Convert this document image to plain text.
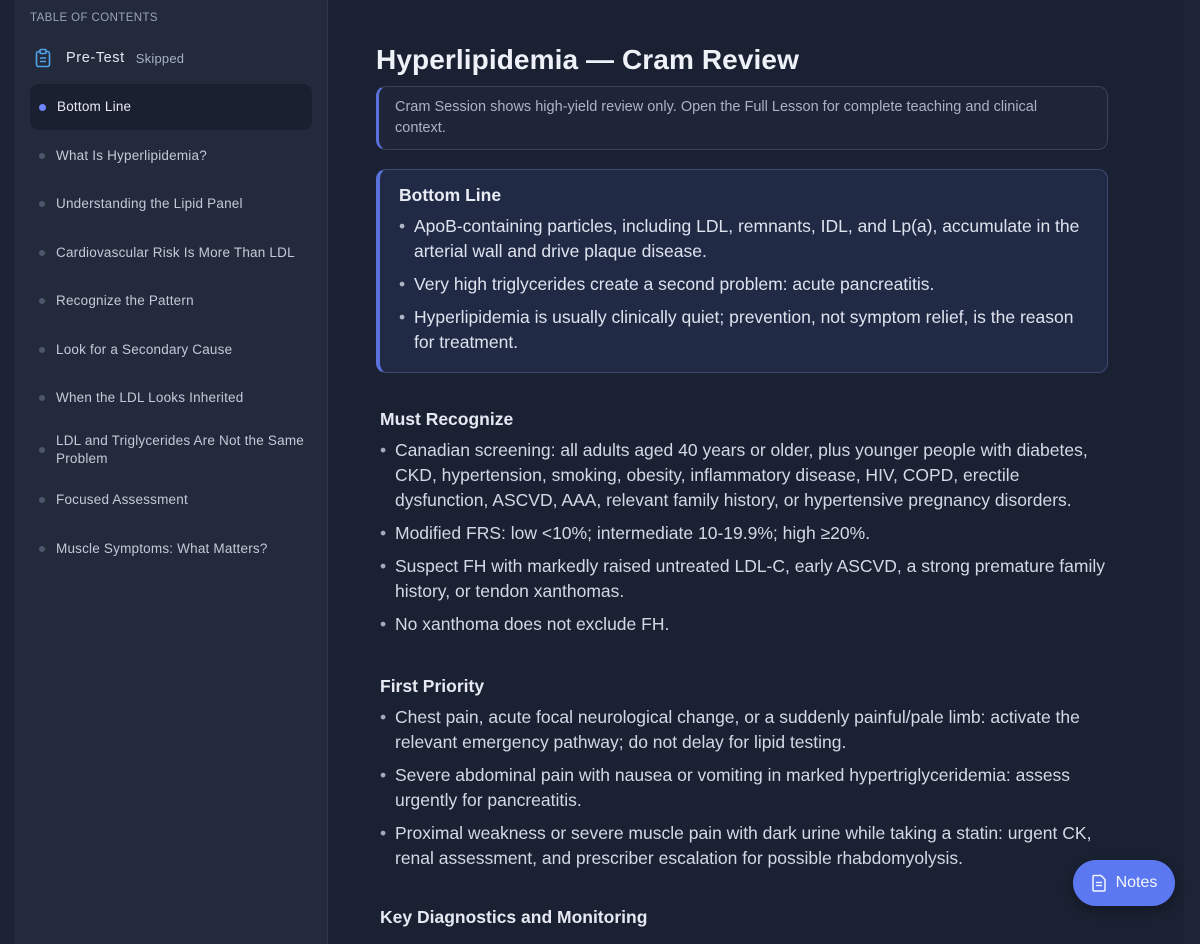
TABLE OF CONTENTS
Pre-Test Skipped
Bottom Line
What Is Hyperlipidemia?
Understanding the Lipid Panel
Cardiovascular Risk Is More Than LDL
Recognize the Pattern
Look for a Secondary Cause
When the LDL Looks Inherited
LDL and Triglycerides Are Not the Same Problem
Focused Assessment
Muscle Symptoms: What Matters?
Hyperlipidemia — Cram Review
Cram Session shows high-yield review only. Open the Full Lesson for complete teaching and clinical context.
Bottom Line
• ApoB-containing particles, including LDL, remnants, IDL, and Lp(a), accumulate in the arterial wall and drive plaque disease.
• Very high triglycerides create a second problem: acute pancreatitis.
• Hyperlipidemia is usually clinically quiet; prevention, not symptom relief, is the reason for treatment.
Must Recognize
• Canadian screening: all adults aged 40 years or older, plus younger people with diabetes, CKD, hypertension, smoking, obesity, inflammatory disease, HIV, COPD, erectile dysfunction, ASCVD, AAA, relevant family history, or hypertensive pregnancy disorders.
• Modified FRS: low <10%; intermediate 10-19.9%; high ≥20%.
• Suspect FH with markedly raised untreated LDL-C, early ASCVD, a strong premature family history, or tendon xanthomas.
• No xanthoma does not exclude FH.
First Priority
• Chest pain, acute focal neurological change, or a suddenly painful/pale limb: activate the relevant emergency pathway; do not delay for lipid testing.
• Severe abdominal pain with nausea or vomiting in marked hypertriglyceridemia: assess urgently for pancreatitis.
• Proximal weakness or severe muscle pain with dark urine while taking a statin: urgent CK, renal assessment, and prescriber escalation for possible rhabdomyolysis.
Key Diagnostics and Monitoring
Notes
